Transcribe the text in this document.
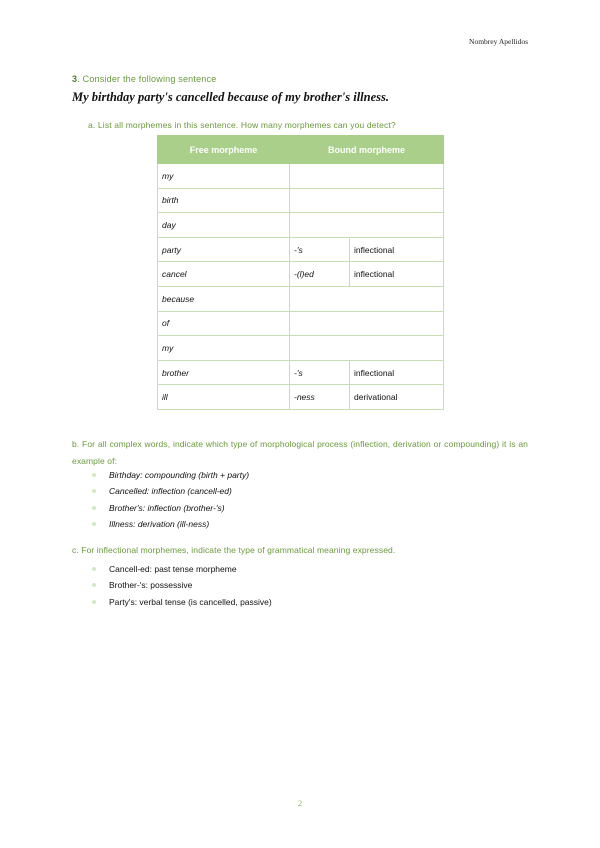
Nombrey Apellidos
3. Consider the following sentence
My birthday party's cancelled because of my brother's illness.
a. List all morphemes in this sentence. How many morphemes can you detect?
Free morpheme	Bound morpheme	
my		
birth		
day		
party	-'s	inflectional
cancel	-(l)ed	inflectional
because		
of		
my		
brother	-'s	inflectional
ill	-ness	derivational
b. For all complex words, indicate which type of morphological process (inflection, derivation or compounding) it is an example of:
Birthday: compounding (birth + party)
Cancelled: inflection (cancell-ed)
Brother's: inflection (brother-'s)
Illness: derivation (ill-ness)
c. For inflectional morphemes, indicate the type of grammatical meaning expressed.
Cancell-ed: past tense morpheme
Brother-'s: possessive
Party's: verbal tense (is cancelled, passive)
2
